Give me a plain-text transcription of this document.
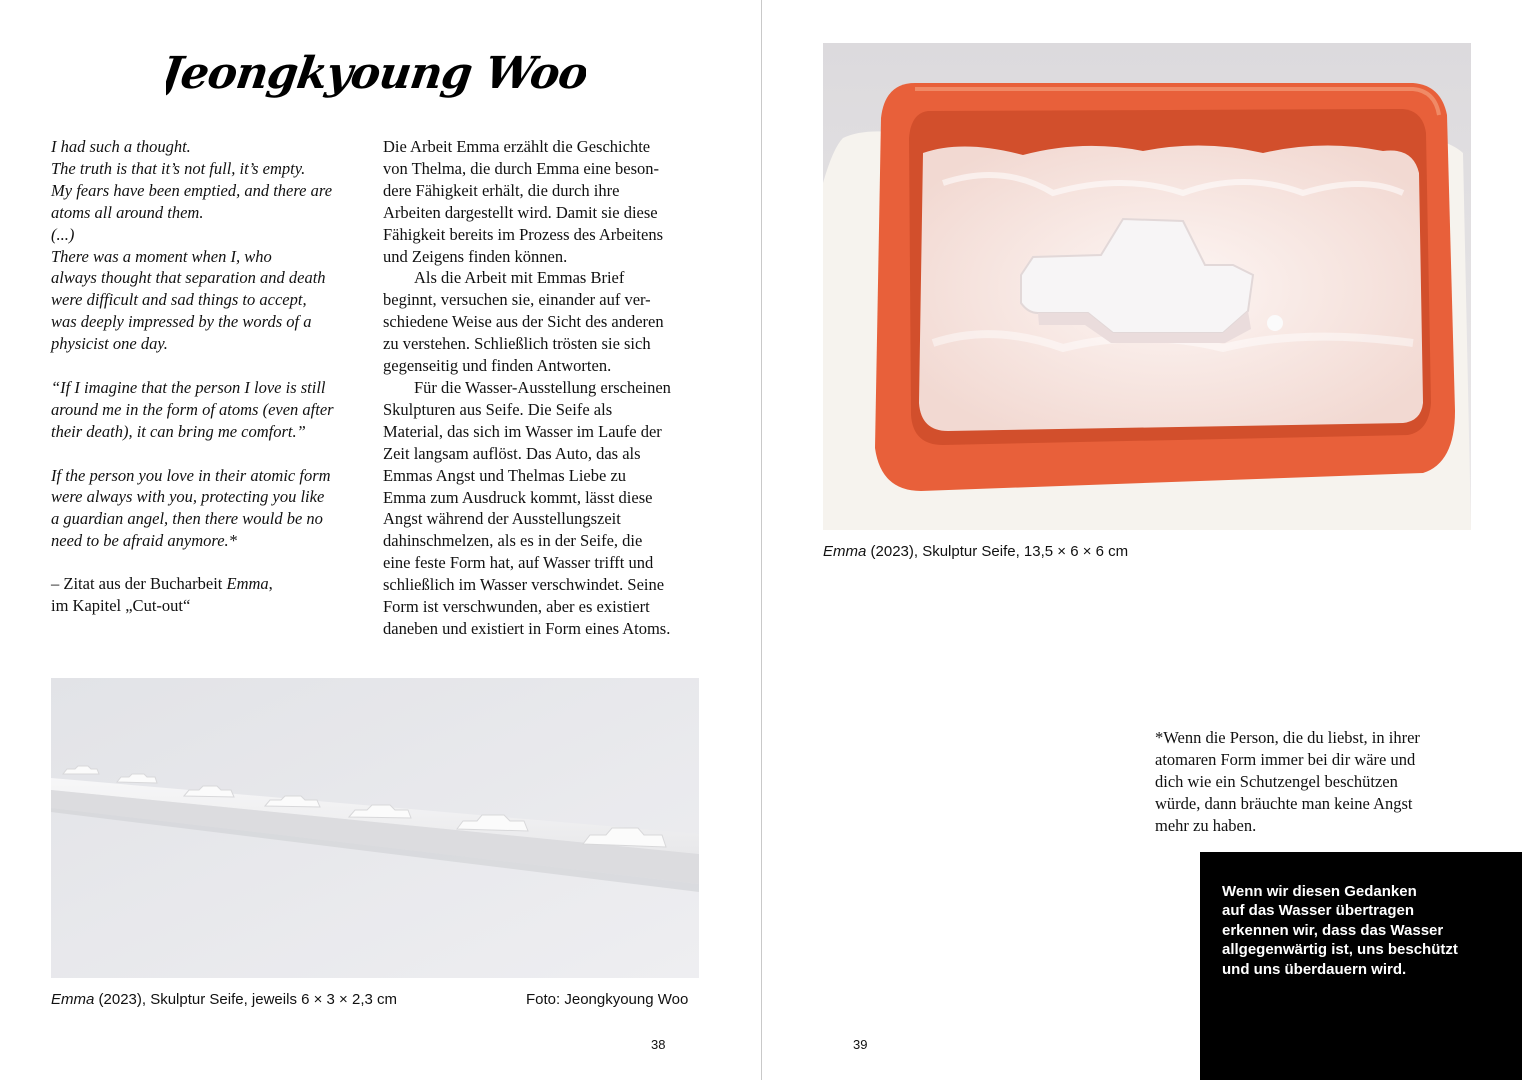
Jeongkyoung Woo

I had such a thought.

The truth is that it’s not full, it’s empty.

My fears have been emptied, and there are

atoms all around them.

(...)

There was a moment when I, who

always thought that separation and death

were difficult and sad things to accept,

was deeply impressed by the words of a

physicist one day.

“If I imagine that the person I love is still

around me in the form of atoms (even after

their death), it can bring me comfort.”

If the person you love in their atomic form

were always with you, protecting you like

a guardian angel, then there would be no

need to be afraid anymore.*

– Zitat aus der Bucharbeit Emma,

im Kapitel „Cut-out“

Die Arbeit Emma erzählt die Geschichte
von Thelma, die durch Emma eine beson-
dere Fähigkeit erhält, die durch ihre
Arbeiten dargestellt wird. Damit sie diese
Fähigkeit bereits im Prozess des Arbeitens
und Zeigens finden können.

Als die Arbeit mit Emmas Brief
beginnt, versuchen sie, einander auf ver-
schiedene Weise aus der Sicht des anderen
zu verstehen. Schließlich trösten sie sich
gegenseitig und finden Antworten.

Für die Wasser-Ausstellung erscheinen
Skulpturen aus Seife. Die Seife als
Material, das sich im Wasser im Laufe der
Zeit langsam auflöst. Das Auto, das als
Emmas Angst und Thelmas Liebe zu
Emma zum Ausdruck kommt, lässt diese
Angst während der Ausstellungszeit
dahinschmelzen, als es in der Seife, die
eine feste Form hat, auf Wasser trifft und
schließlich im Wasser verschwindet. Seine
Form ist verschwunden, aber es existiert
daneben und existiert in Form eines Atoms.

Emma (2023), Skulptur Seife, jeweils 6 × 3 × 2,3 cm	Foto: Jeongkyoung Woo
38
Emma (2023), Skulptur Seife, 13,5 × 6 × 6 cm

*Wenn die Person, die du liebst, in ihrer

atomaren Form immer bei dir wäre und

dich wie ein Schutzengel beschützen

würde, dann bräuchte man keine Angst

mehr zu haben.

Wenn wir diesen Gedanken
auf das Wasser übertragen
erkennen wir, dass das Wasser
allgegenwärtig ist, uns beschützt
und uns überdauern wird.

39
